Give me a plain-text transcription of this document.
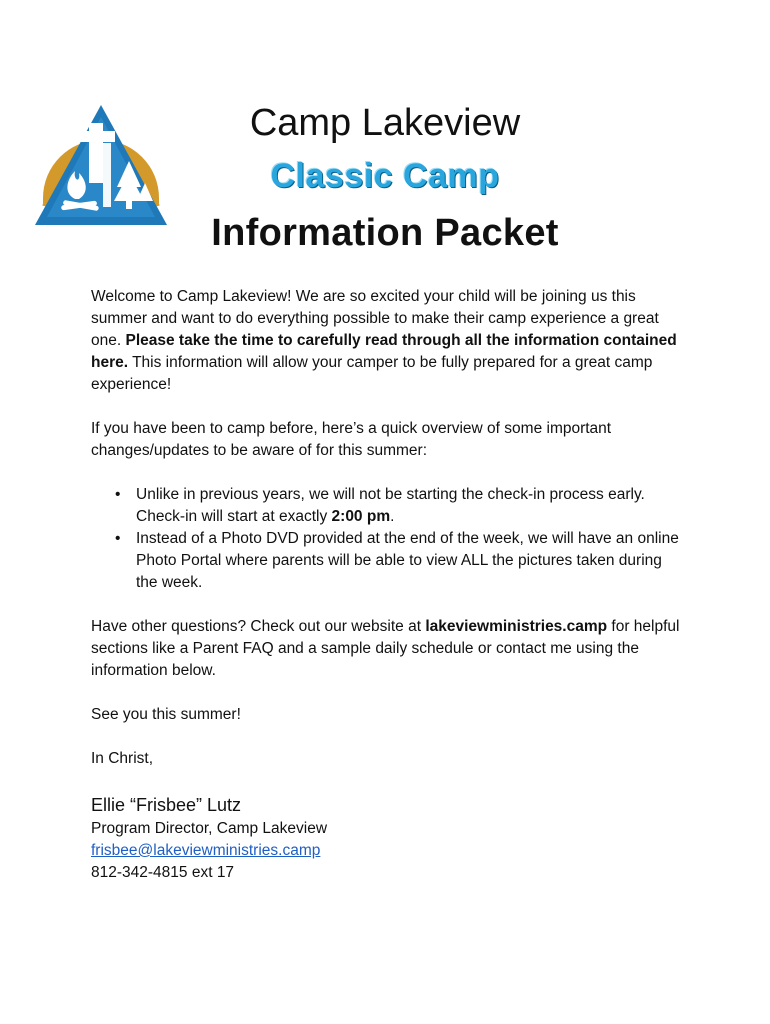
Camp Lakeview
Classic Camp
Information Packet

Welcome to Camp Lakeview! We are so excited your child will be joining us this summer and want to do everything possible to make their camp experience a great one. Please take the time to carefully read through all the information contained here. This information will allow your camper to be fully prepared for a great camp experience!

If you have been to camp before, here’s a quick overview of some important changes/updates to be aware of for this summer:

• Unlike in previous years, we will not be starting the check-in process early. Check-in will start at exactly 2:00 pm.
• Instead of a Photo DVD provided at the end of the week, we will have an online Photo Portal where parents will be able to view ALL the pictures taken during the week.

Have other questions? Check out our website at lakeviewministries.camp for helpful sections like a Parent FAQ and a sample daily schedule or contact me using the information below.

See you this summer!

In Christ,

Ellie “Frisbee” Lutz
Program Director, Camp Lakeview
frisbee@lakeviewministries.camp
812-342-4815 ext 17
